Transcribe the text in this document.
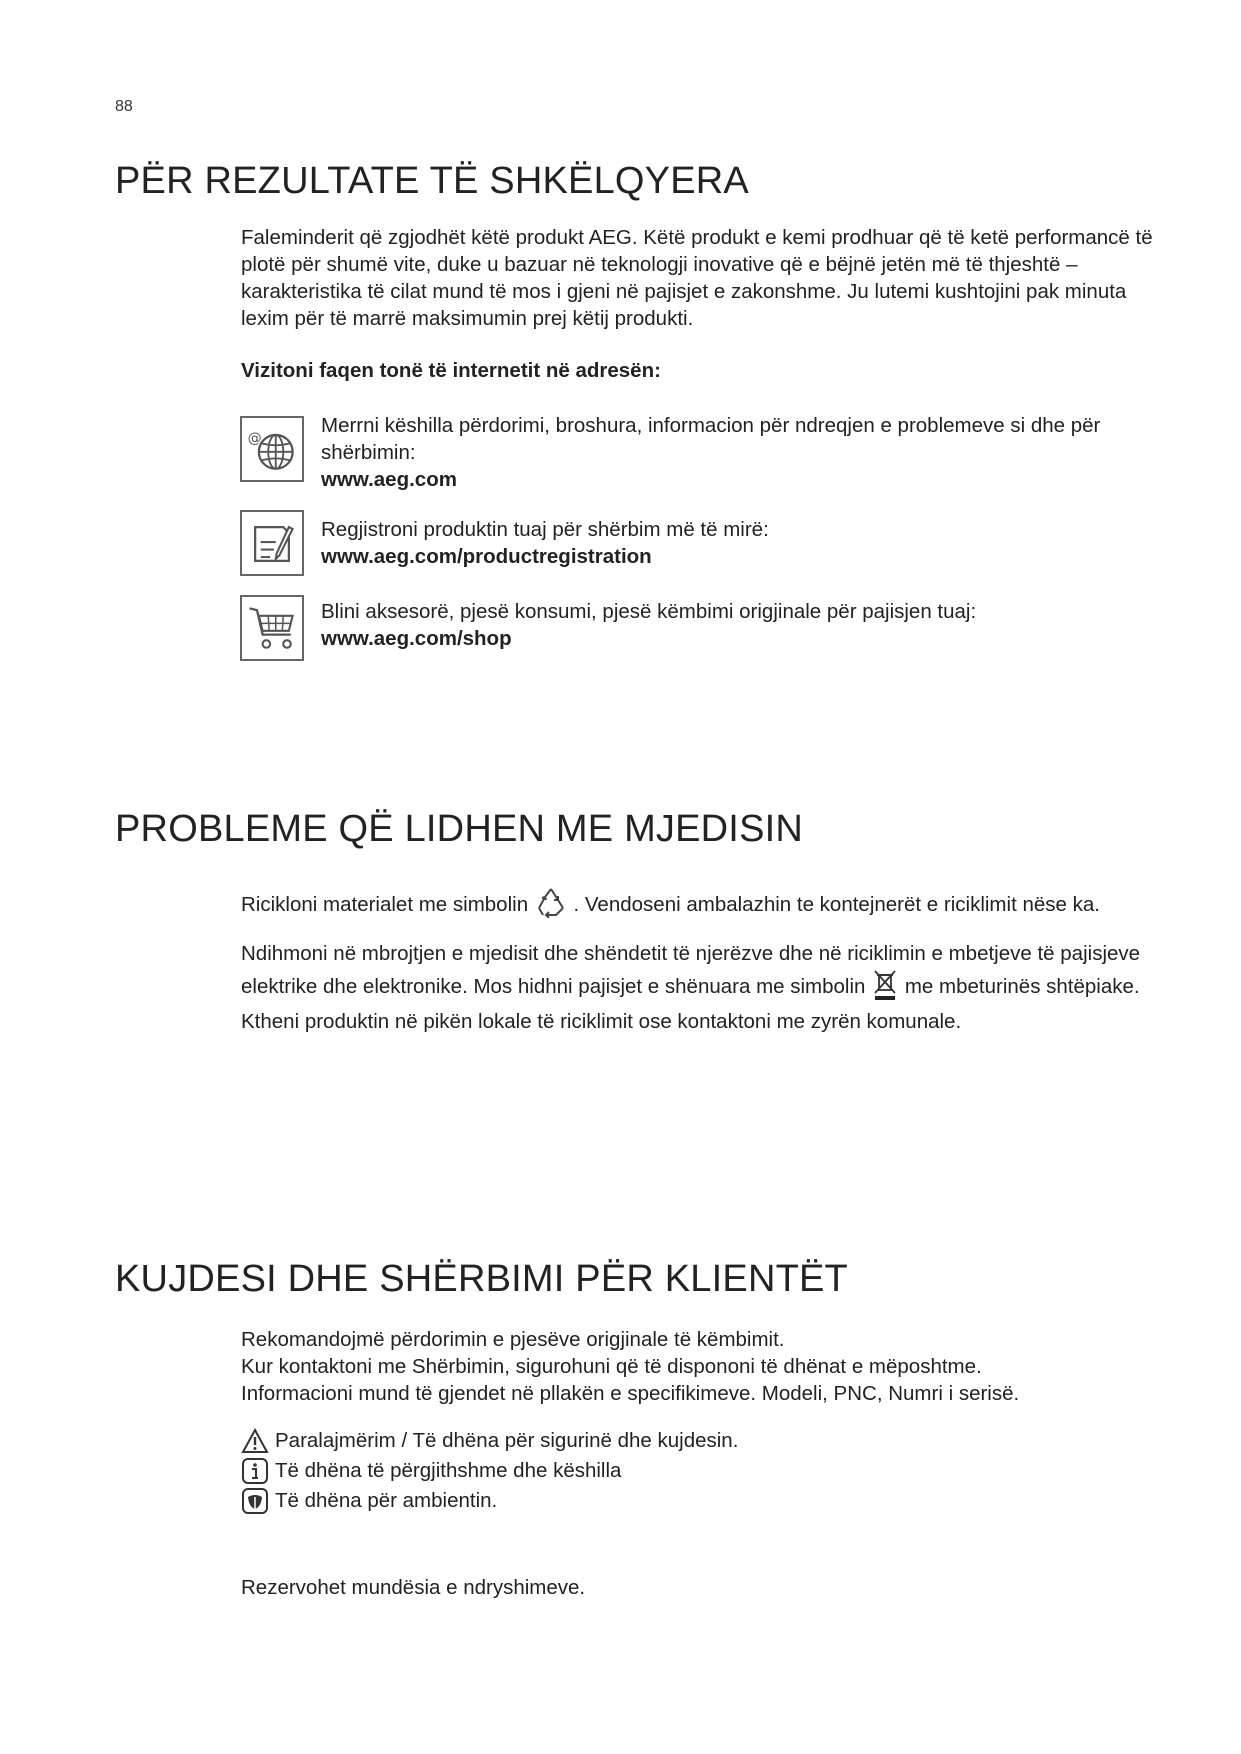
88
PËR REZULTATE TË SHKËLQYERA
Faleminderit që zgjodhët këtë produkt AEG. Këtë produkt e kemi prodhuar që të ketë performancë të plotë për shumë vite, duke u bazuar në teknologji inovative që e bëjnë jetën më të thjeshtë – karakteristika të cilat mund të mos i gjeni në pajisjet e zakonshme. Ju lutemi kushtojini pak minuta lexim për të marrë maksimumin prej këtij produkti.
Vizitoni faqen tonë të internetit në adresën:
@
Merrni këshilla përdorimi, broshura, informacion për ndreqjen e problemeve si dhe për shërbimin:
www.aeg.com
Regjistroni produktin tuaj për shërbim më të mirë:
www.aeg.com/productregistration
Blini aksesorë, pjesë konsumi, pjesë këmbimi origjinale për pajisjen tuaj:
www.aeg.com/shop
PROBLEME QË LIDHEN ME MJEDISIN
Ricikloni materialet me simbolin . Vendoseni ambalazhin te kontejnerët e riciklimit nëse ka.
Ndihmoni në mbrojtjen e mjedisit dhe shëndetit të njerëzve dhe në riciklimin e mbetjeve të pajisjeve elektrike dhe elektronike. Mos hidhni pajisjet e shënuara me simbolin me mbeturinës shtëpiake. Ktheni produktin në pikën lokale të riciklimit ose kontaktoni me zyrën komunale.
KUJDESI DHE SHËRBIMI PËR KLIENTËT
Rekomandojmë përdorimin e pjesëve origjinale të këmbimit.
Kur kontaktoni me Shërbimin, sigurohuni që të dispononi të dhënat e mëposhtme.
Informacioni mund të gjendet në pllakën e specifikimeve. Modeli, PNC, Numri i serisë.
Paralajmërim / Të dhëna për sigurinë dhe kujdesin.
Të dhëna të përgjithshme dhe këshilla
Të dhëna për ambientin.
Rezervohet mundësia e ndryshimeve.
